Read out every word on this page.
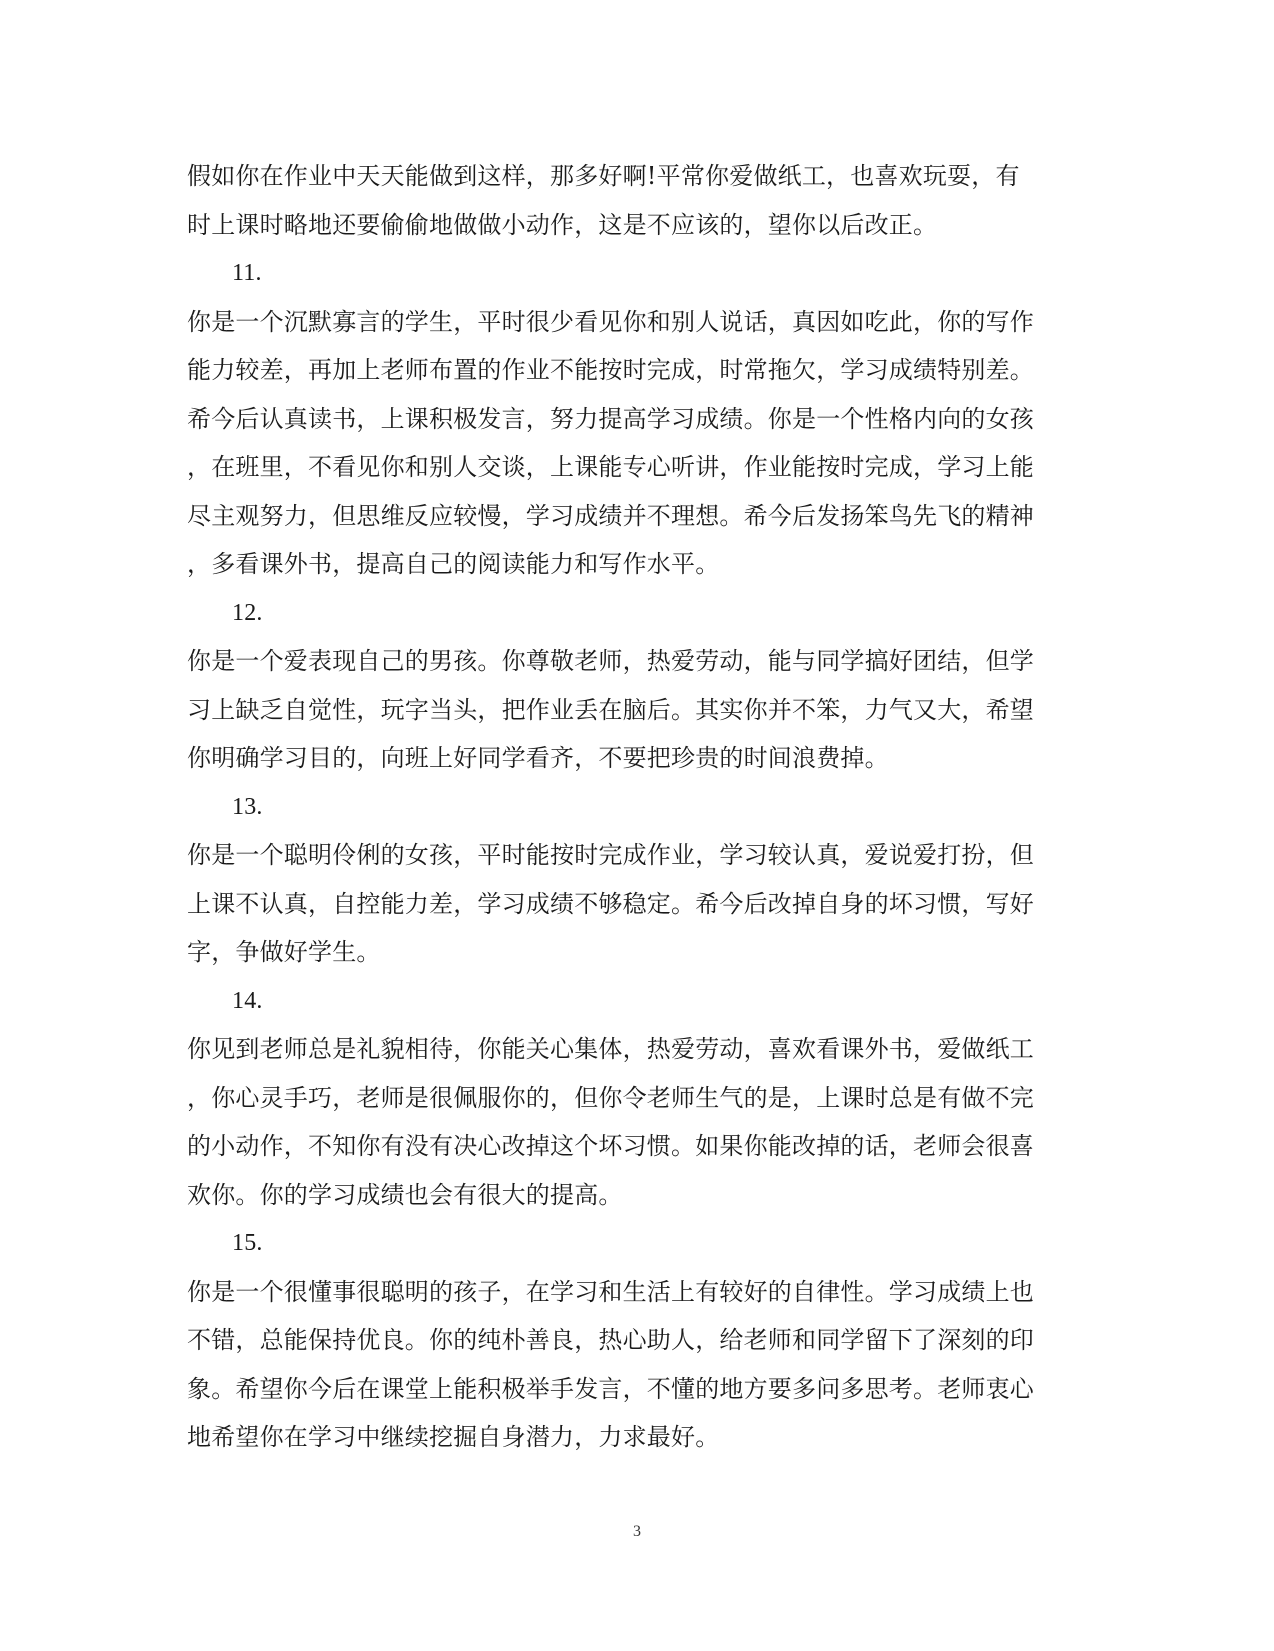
假如你在作业中天天能做到这样，那多好啊!平常你爱做纸工，也喜欢玩耍，有
时上课时略地还要偷偷地做做小动作，这是不应该的，望你以后改正。
11.
你是一个沉默寡言的学生，平时很少看见你和别人说话，真因如吃此，你的写作
能力较差，再加上老师布置的作业不能按时完成，时常拖欠，学习成绩特别差。
希今后认真读书，上课积极发言，努力提高学习成绩。你是一个性格内向的女孩
，在班里，不看见你和别人交谈，上课能专心听讲，作业能按时完成，学习上能
尽主观努力，但思维反应较慢，学习成绩并不理想。希今后发扬笨鸟先飞的精神
，多看课外书，提高自己的阅读能力和写作水平。
12.
你是一个爱表现自己的男孩。你尊敬老师，热爱劳动，能与同学搞好团结，但学
习上缺乏自觉性，玩字当头，把作业丢在脑后。其实你并不笨，力气又大，希望
你明确学习目的，向班上好同学看齐，不要把珍贵的时间浪费掉。
13.
你是一个聪明伶俐的女孩，平时能按时完成作业，学习较认真，爱说爱打扮，但
上课不认真，自控能力差，学习成绩不够稳定。希今后改掉自身的坏习惯，写好
字，争做好学生。
14.
你见到老师总是礼貌相待，你能关心集体，热爱劳动，喜欢看课外书，爱做纸工
，你心灵手巧，老师是很佩服你的，但你令老师生气的是，上课时总是有做不完
的小动作，不知你有没有决心改掉这个坏习惯。如果你能改掉的话，老师会很喜
欢你。你的学习成绩也会有很大的提高。
15.
你是一个很懂事很聪明的孩子，在学习和生活上有较好的自律性。学习成绩上也
不错，总能保持优良。你的纯朴善良，热心助人，给老师和同学留下了深刻的印
象。希望你今后在课堂上能积极举手发言，不懂的地方要多问多思考。老师衷心
地希望你在学习中继续挖掘自身潜力，力求最好。
3
